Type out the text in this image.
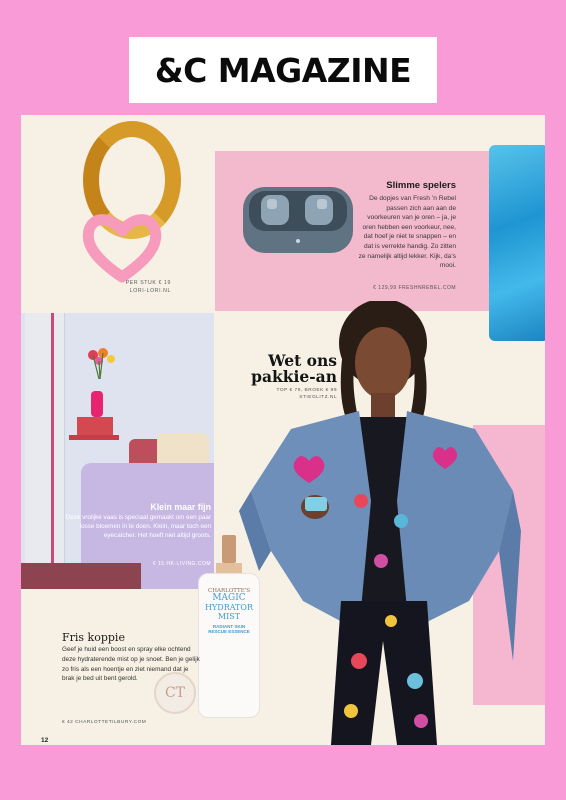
&C MAGAZINE
PER STUK € 19
LORI-LORI.NL
Slimme spelers
De dopjes van Fresh ’n Rebel passen zich aan aan de voorkeuren van je oren – ja, je oren hebben een voorkeur, nee, dat hoef je niet te snappen – en dat is verrekte handig. Zo zitten ze namelijk altijd lekker. Kijk, da’s mooi.
€ 129,99 FRESHNREBEL.COM
Klein maar fijn
Deze vrolijke vaas is speciaal gemaakt om een paar losse bloemen in te doen. Klein, maar toch een eyecatcher. Het hoeft niet altijd groots.
€ 15 HK-LIVING.COM
Wet ons
pakkie-an
TOP € 79, BROEK € 99
STIEGLITZ.NL
CHARLOTTE'S
MAGIC
HYDRATOR
MIST
RADIANT SKIN
RESCUE ESSENCE
CT
Fris koppie
Geef je huid een boost en spray elke ochtend deze hydraterende mist op je snoet. Ben je gelijk zo fris als een hoentje en ziet niemand dat je brak je bed uit bent gerold.
€ 42 CHARLOTTETILBURY.COM
12
